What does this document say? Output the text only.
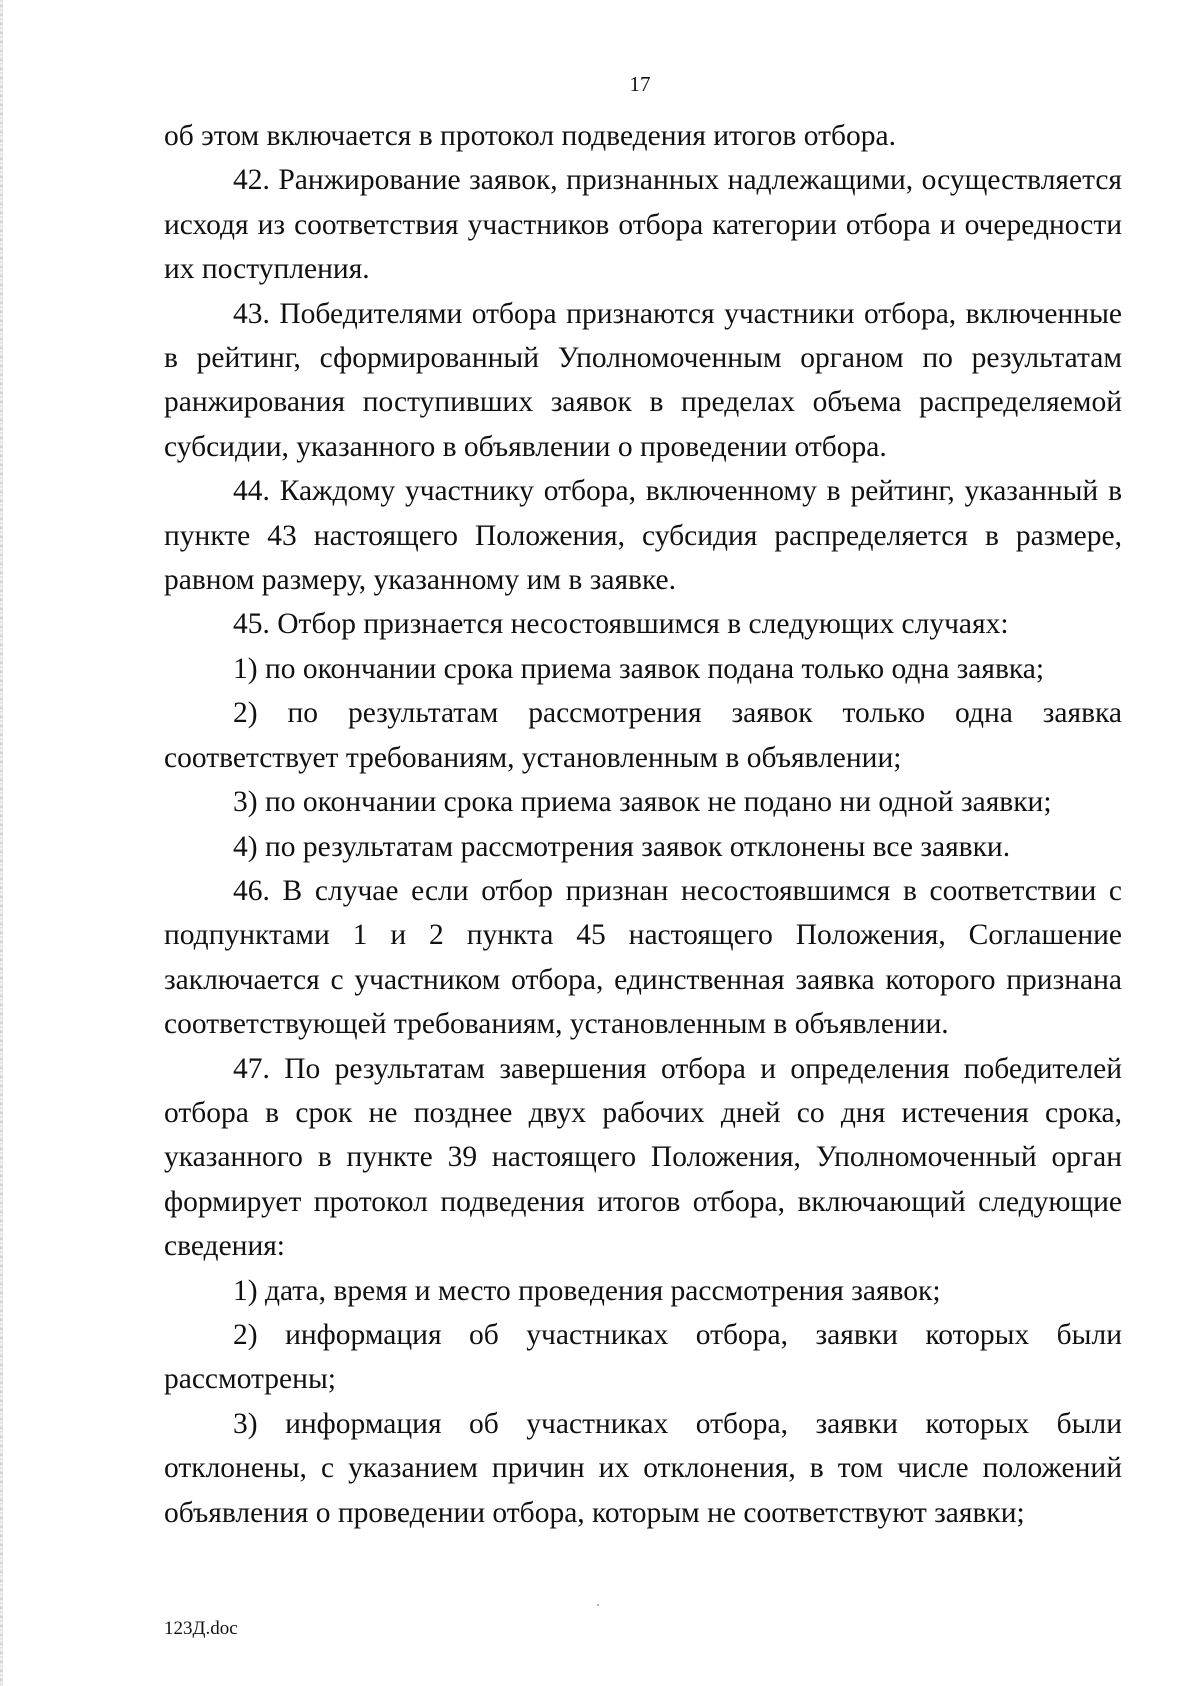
17

об этом включается в протокол подведения итогов отбора.

42. Ранжирование заявок, признанных надлежащими, осуществляется исходя из соответствия участников отбора категории отбора и очередности их поступления.

43. Победителями отбора признаются участники отбора, включенные в рейтинг, сформированный Уполномоченным органом по результатам ранжирования поступивших заявок в пределах объема распределяемой субсидии, указанного в объявлении о проведении отбора.

44. Каждому участнику отбора, включенному в рейтинг, указанный в пункте 43 настоящего Положения, субсидия распределяется в размере, равном размеру, указанному им в заявке.

45. Отбор признается несостоявшимся в следующих случаях:

1) по окончании срока приема заявок подана только одна заявка;

2) по результатам рассмотрения заявок только одна заявка соответствует требованиям, установленным в объявлении;

3) по окончании срока приема заявок не подано ни одной заявки;

4) по результатам рассмотрения заявок отклонены все заявки.

46. В случае если отбор признан несостоявшимся в соответствии с подпунктами 1 и 2 пункта 45 настоящего Положения, Соглашение заключается с участником отбора, единственная заявка которого признана соответствующей требованиям, установленным в объявлении.

47. По результатам завершения отбора и определения победителей отбора в срок не позднее двух рабочих дней со дня истечения срока, указанного в пункте 39 настоящего Положения, Уполномоченный орган формирует протокол подведения итогов отбора, включающий следующие сведения:

1) дата, время и место проведения рассмотрения заявок;

2) информация об участниках отбора, заявки которых были рассмотрены;

3) информация об участниках отбора, заявки которых были отклонены, с указанием причин их отклонения, в том числе положений объявления о проведении отбора, которым не соответствуют заявки;

123Д.doc
